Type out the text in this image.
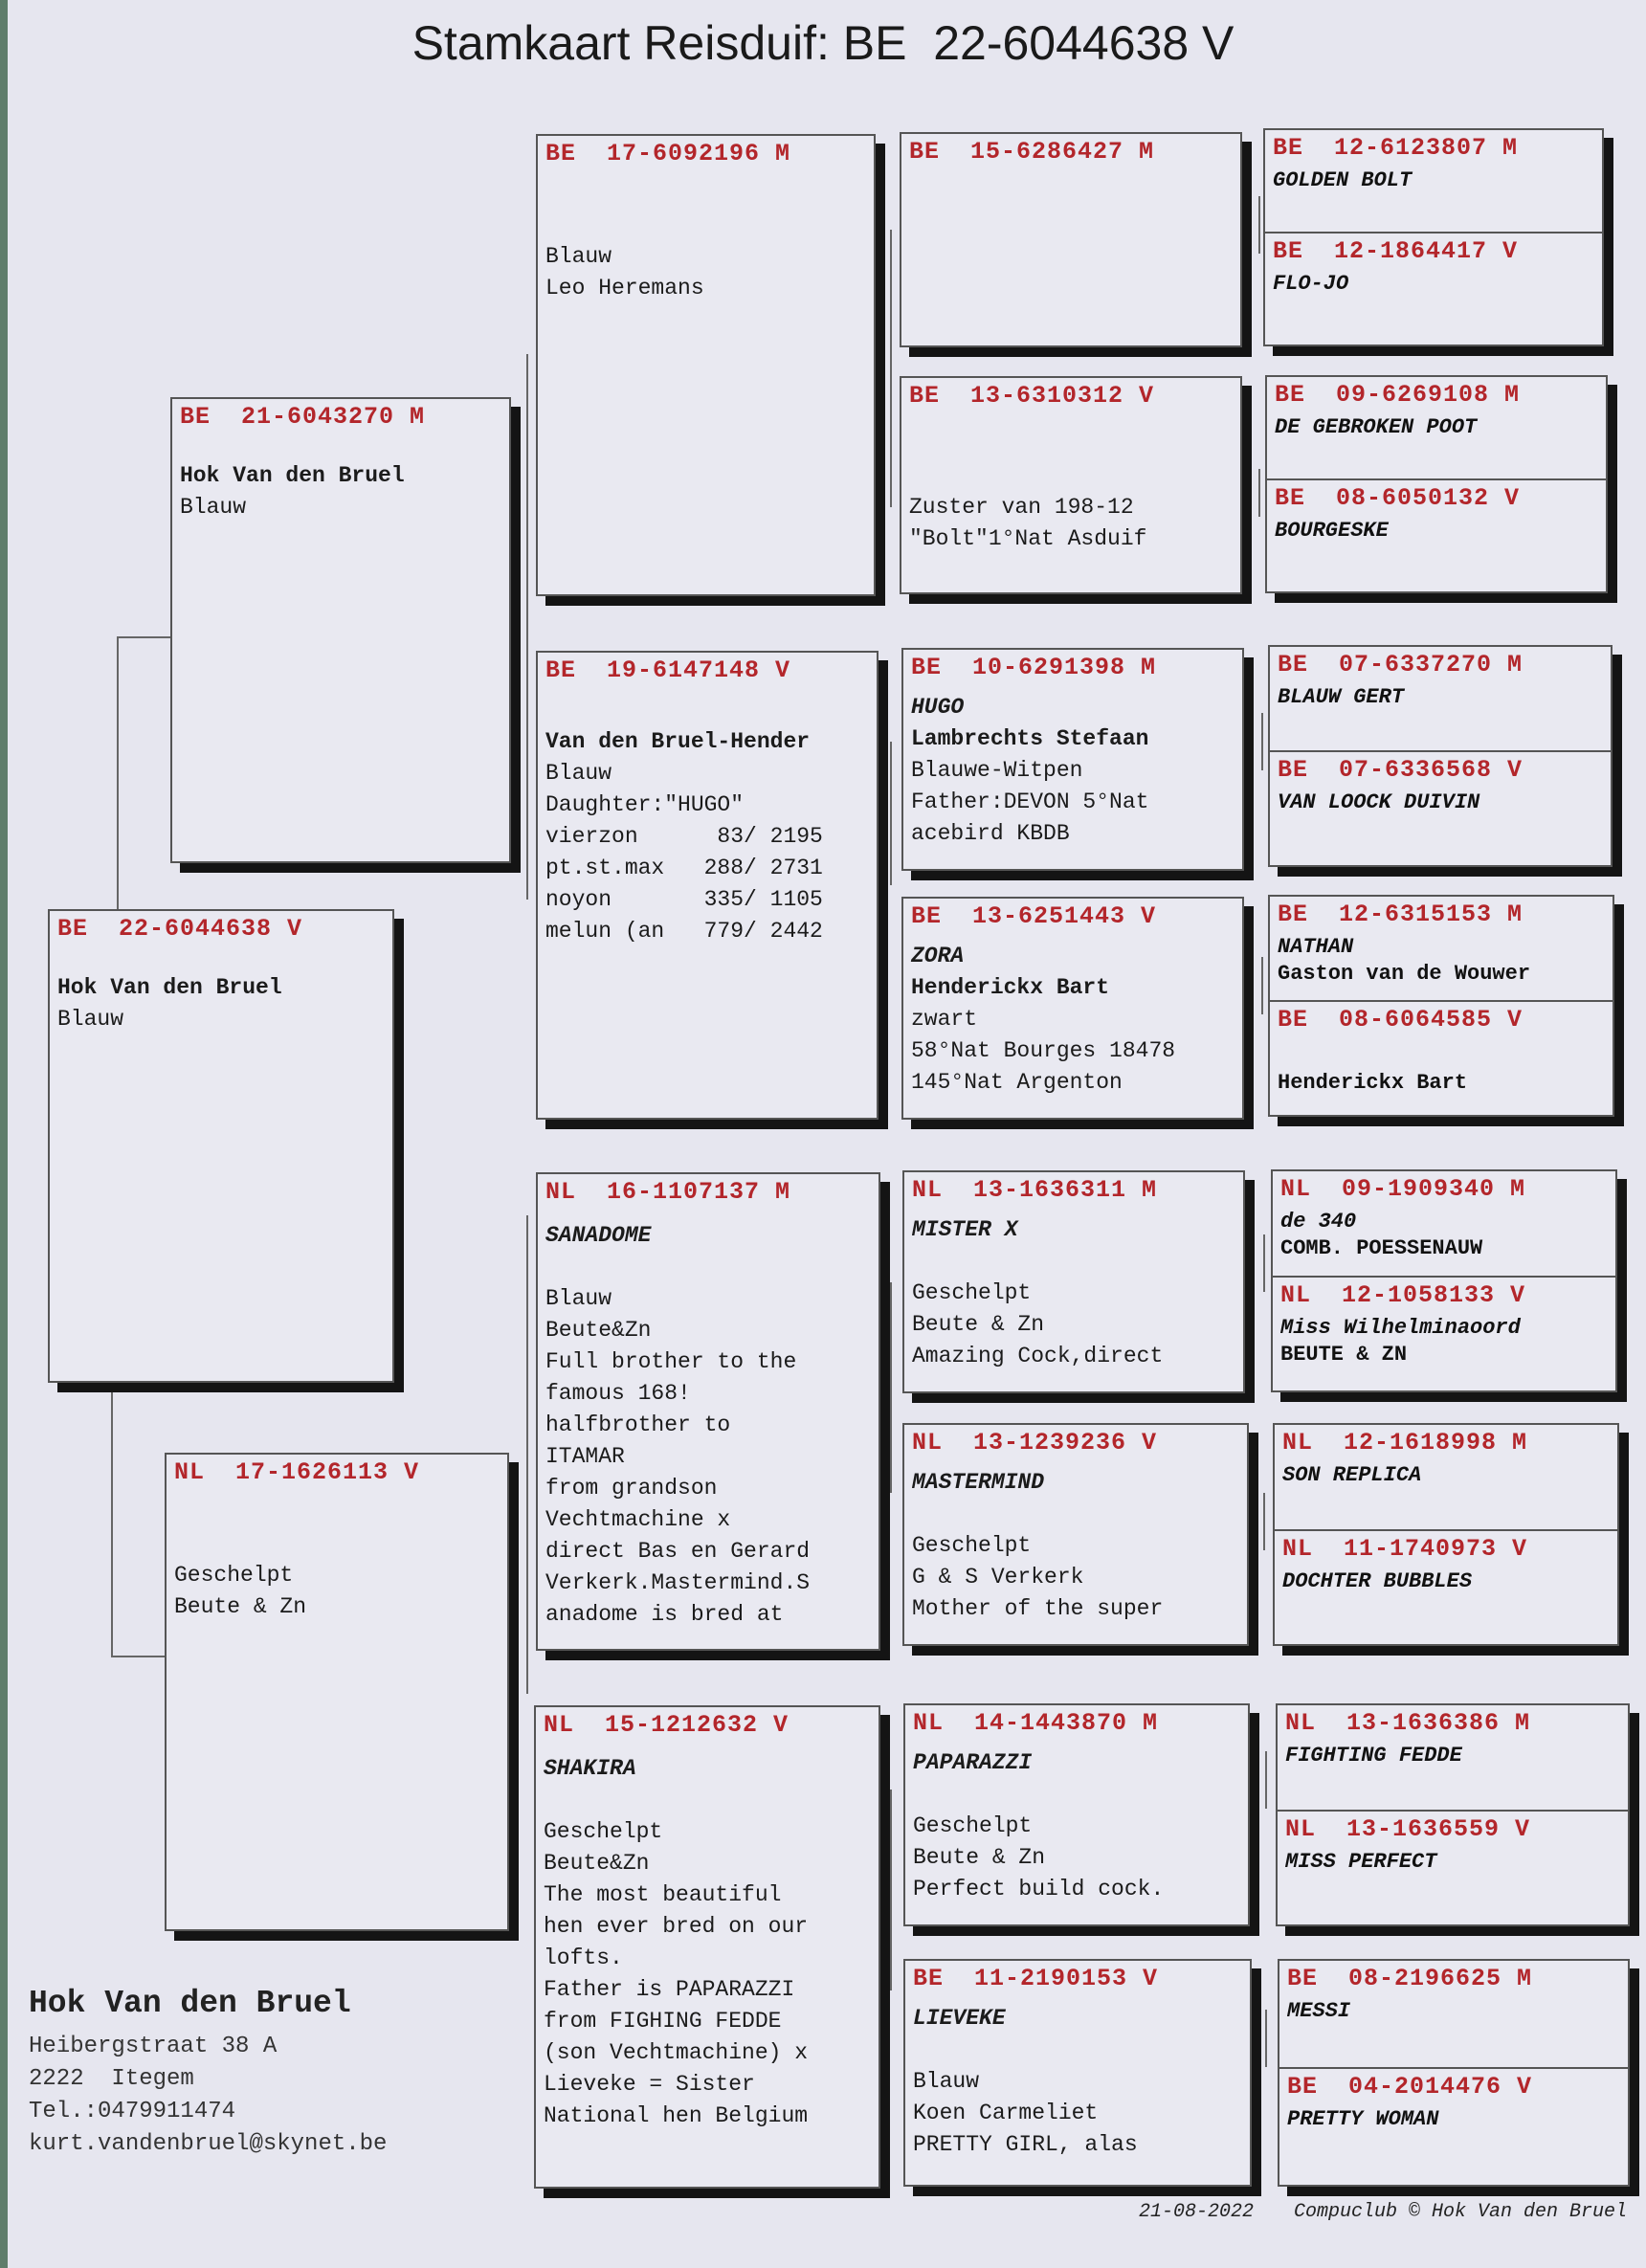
Stamkaart Reisduif: BE  22-6044638 V
BE  22-6044638 V
Hok Van den Bruel
Blauw
BE  21-6043270 M
Hok Van den Bruel
Blauw
NL  17-1626113 V

Geschelpt
Beute & Zn
BE  17-6092196 M

Blauw
Leo Heremans
BE  19-6147148 V

Van den Bruel-Hender
Blauw
Daughter:"HUGO"
vierzon      83/ 2195
pt.st.max   288/ 2731
noyon       335/ 1105
melun (an   779/ 2442
NL  16-1107137 M
SANADOME

Blauw
Beute&Zn
Full brother to the
famous 168!
halfbrother to
ITAMAR
from grandson
Vechtmachine x
direct Bas en Gerard
Verkerk.Mastermind.S
anadome is bred at
NL  15-1212632 V
SHAKIRA

Geschelpt
Beute&Zn
The most beautiful
hen ever bred on our
lofts.
Father is PAPARAZZI
from FIGHING FEDDE
(son Vechtmachine) x
Lieveke = Sister
National hen Belgium
BE  15-6286427 M
BE  13-6310312 V

Zuster van 198-12
"Bolt"1°Nat Asduif
BE  10-6291398 M
HUGO
Lambrechts Stefaan
Blauwe-Witpen
Father:DEVON 5°Nat
acebird KBDB
BE  13-6251443 V
ZORA
Henderickx Bart
zwart
58°Nat Bourges 18478
145°Nat Argenton
NL  13-1636311 M
MISTER X

Geschelpt
Beute & Zn
Amazing Cock,direct
NL  13-1239236 V
MASTERMIND

Geschelpt
G & S Verkerk
Mother of the super
NL  14-1443870 M
PAPARAZZI

Geschelpt
Beute & Zn
Perfect build cock.
BE  11-2190153 V
LIEVEKE

Blauw
Koen Carmeliet
PRETTY GIRL, alas
BE  12-6123807 M
GOLDEN BOLT
BE  12-1864417 V
FLO-JO
BE  09-6269108 M
DE GEBROKEN POOT
BE  08-6050132 V
BOURGESKE
BE  07-6337270 M
BLAUW GERT
BE  07-6336568 V
VAN LOOCK DUIVIN
BE  12-6315153 M
NATHAN
Gaston van de Wouwer
BE  08-6064585 V

Henderickx Bart
NL  09-1909340 M
de 340
COMB. POESSENAUW
NL  12-1058133 V
Miss Wilhelminaoord
BEUTE & ZN
NL  12-1618998 M
SON REPLICA
NL  11-1740973 V
DOCHTER BUBBLES
NL  13-1636386 M
FIGHTING FEDDE
NL  13-1636559 V
MISS PERFECT
BE  08-2196625 M
MESSI
BE  04-2014476 V
PRETTY WOMAN
Hok Van den Bruel
Heibergstraat 38 A
2222  Itegem
Tel.:0479911474
kurt.vandenbruel@skynet.be
21-08-2022 Compuclub © Hok Van den Bruel
